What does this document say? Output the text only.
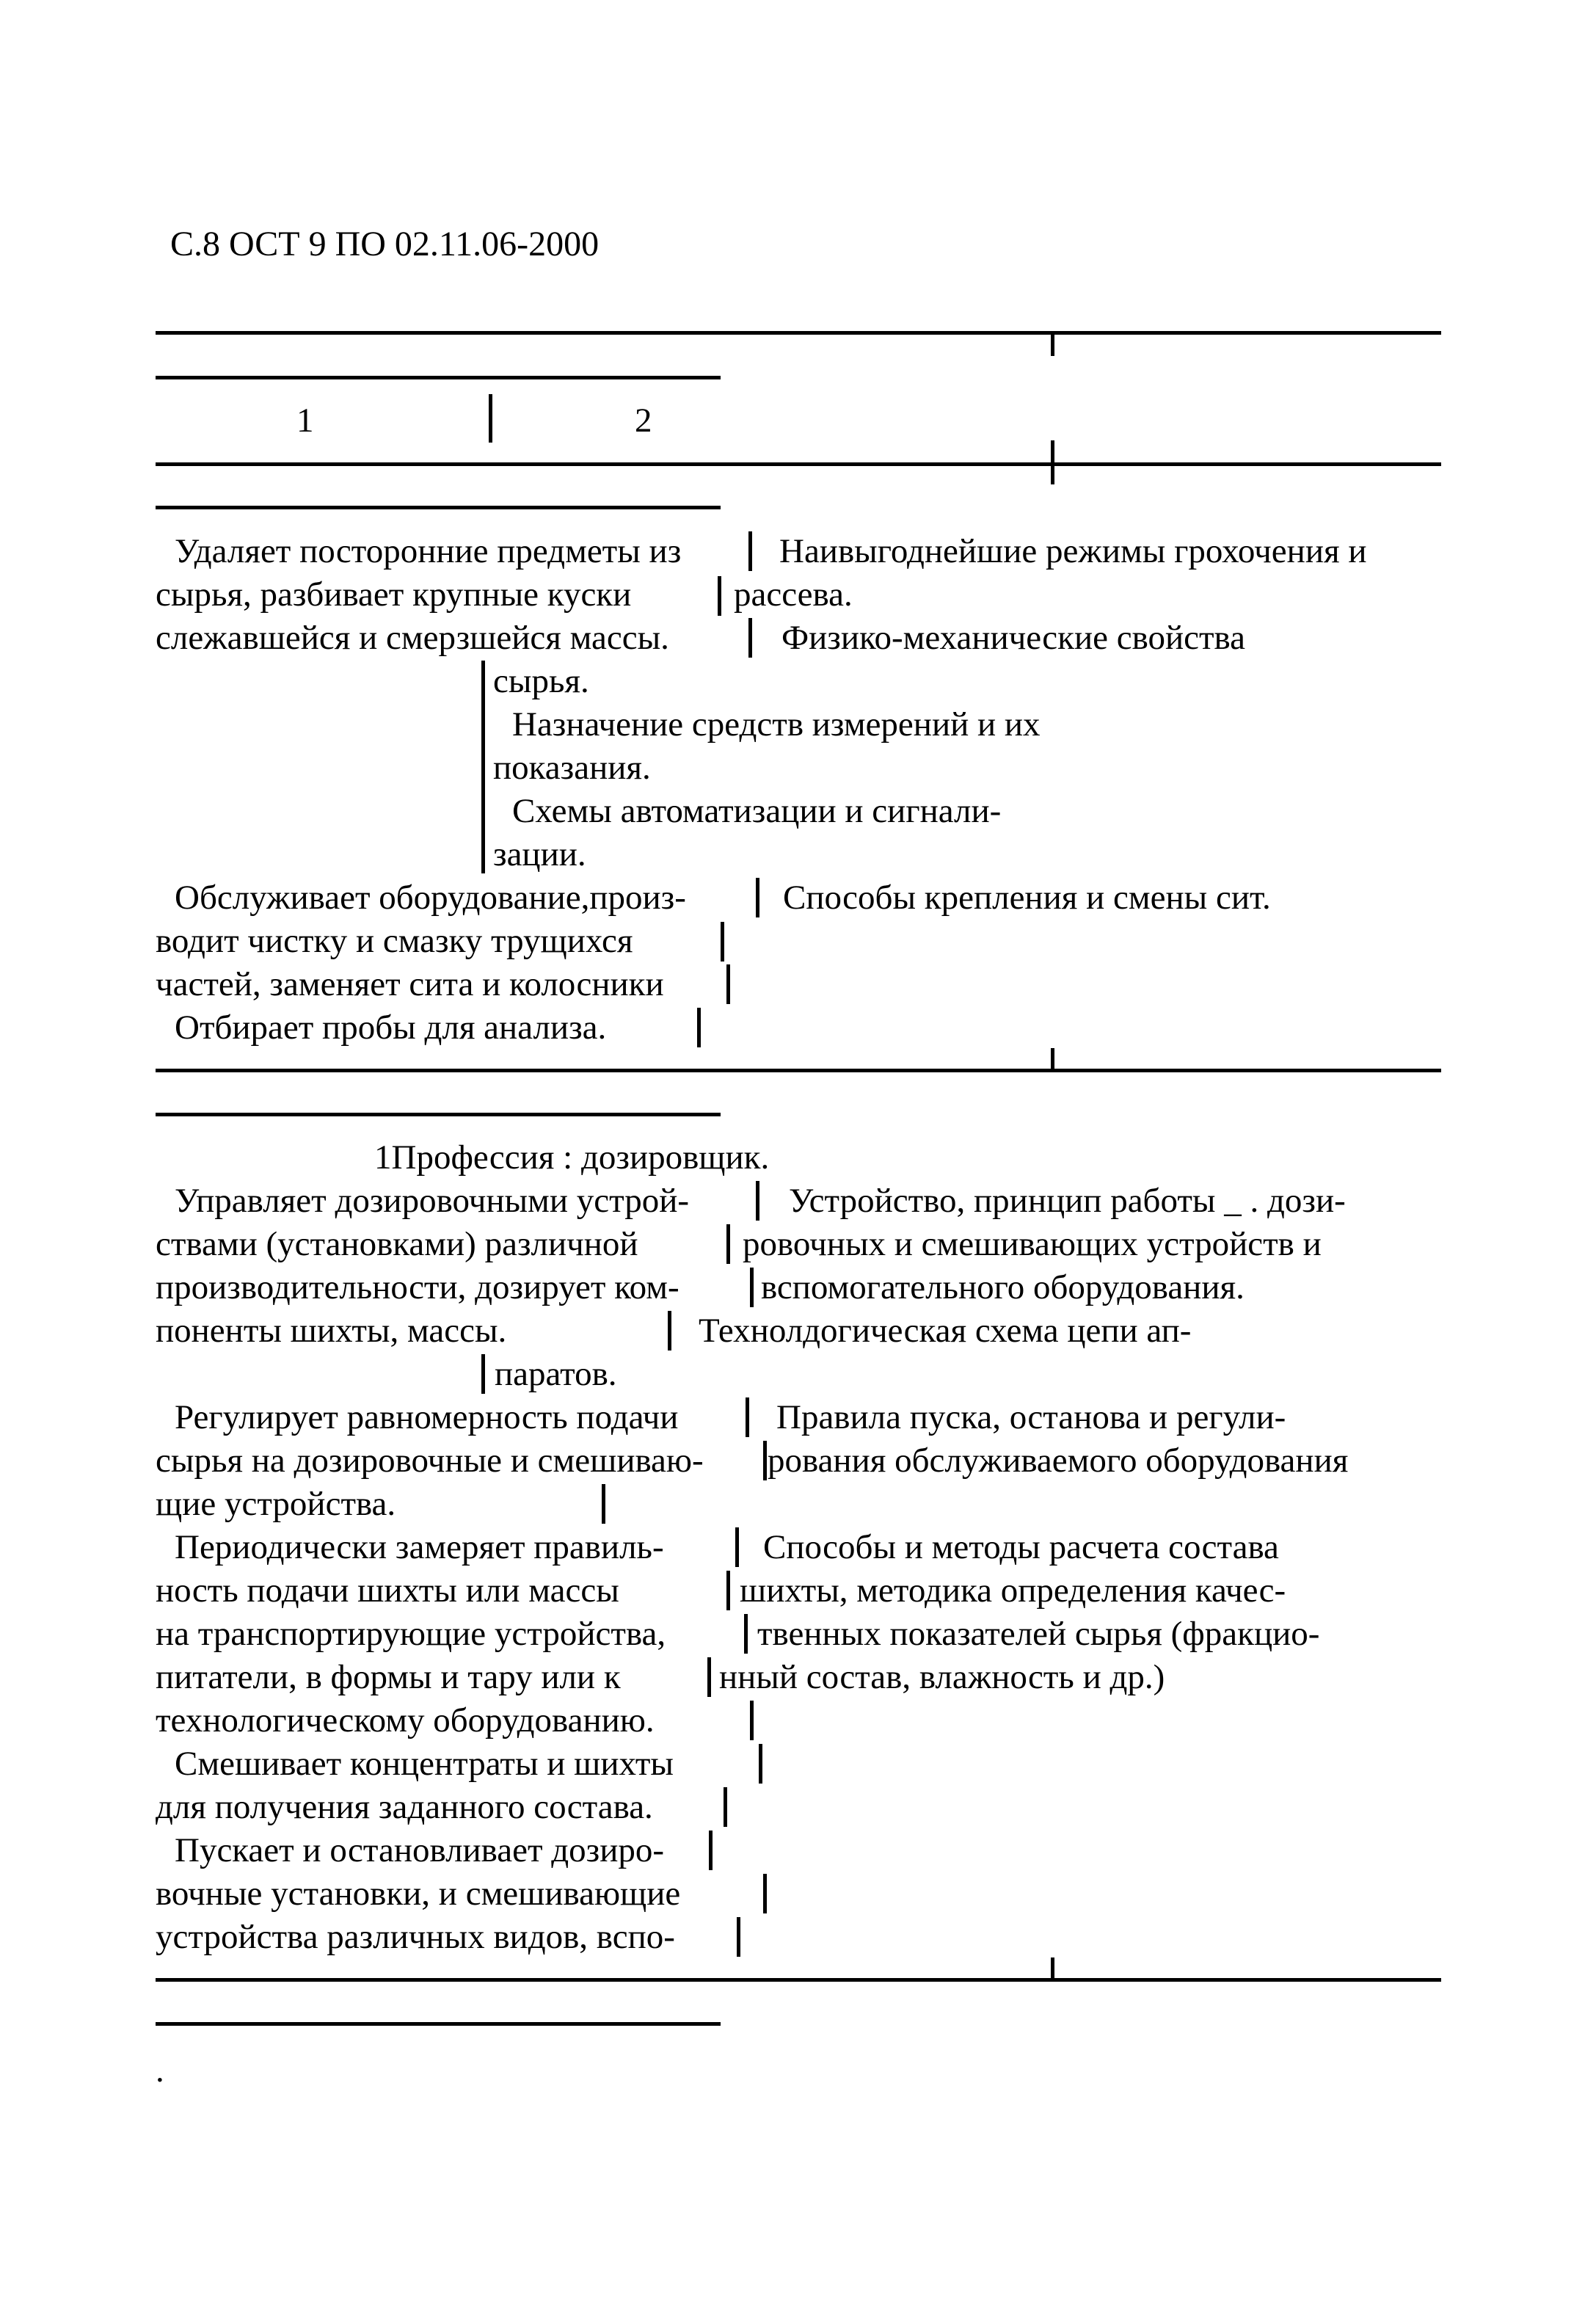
С.8 ОСТ 9 ПО 02.11.06-2000
1	2
Удаляет посторонние предметы из
сырья, разбивает крупные куски
слежавшейся и смерзшейся массы.
Обслуживает оборудование,произ-
водит чистку и смазку трущихся
частей, заменяет сита и колосники
Отбирает пробы для анализа.
Наивыгоднейшие режимы грохочения и
рассева.
Физико-механические свойства
сырья.
Назначение средств измерений и их
показания.
Схемы автоматизации и сигнали-
зации.
Способы крепления и смены сит.
1Профессия : дозировщик.
Управляет дозировочными устрой-
ствами (установками) различной
производительности, дозирует ком-
поненты шихты, массы.
Регулирует равномерность подачи
сырья на дозировочные и смешиваю-
щие устройства.
Периодически замеряет правиль-
ность подачи шихты или массы
на транспортирующие устройства,
питатели, в формы и тару или к
технологическому оборудованию.
Смешивает концентраты и шихты
для получения заданного состава.
Пускает и остановливает дозиро-
вочные установки, и смешивающие
устройства различных видов, вспо-
Устройство, принцип работы _ . дози-
ровочных и смешивающих устройств и
вспомогательного оборудования.
Технолдогическая схема цепи ап-
паратов.
Правила пуска, останова и регули-
рования обслуживаемого оборудования
Способы и методы расчета состава
шихты, методика определения качес-
твенных показателей сырья (фракцио-
нный состав, влажность и др.)
.
